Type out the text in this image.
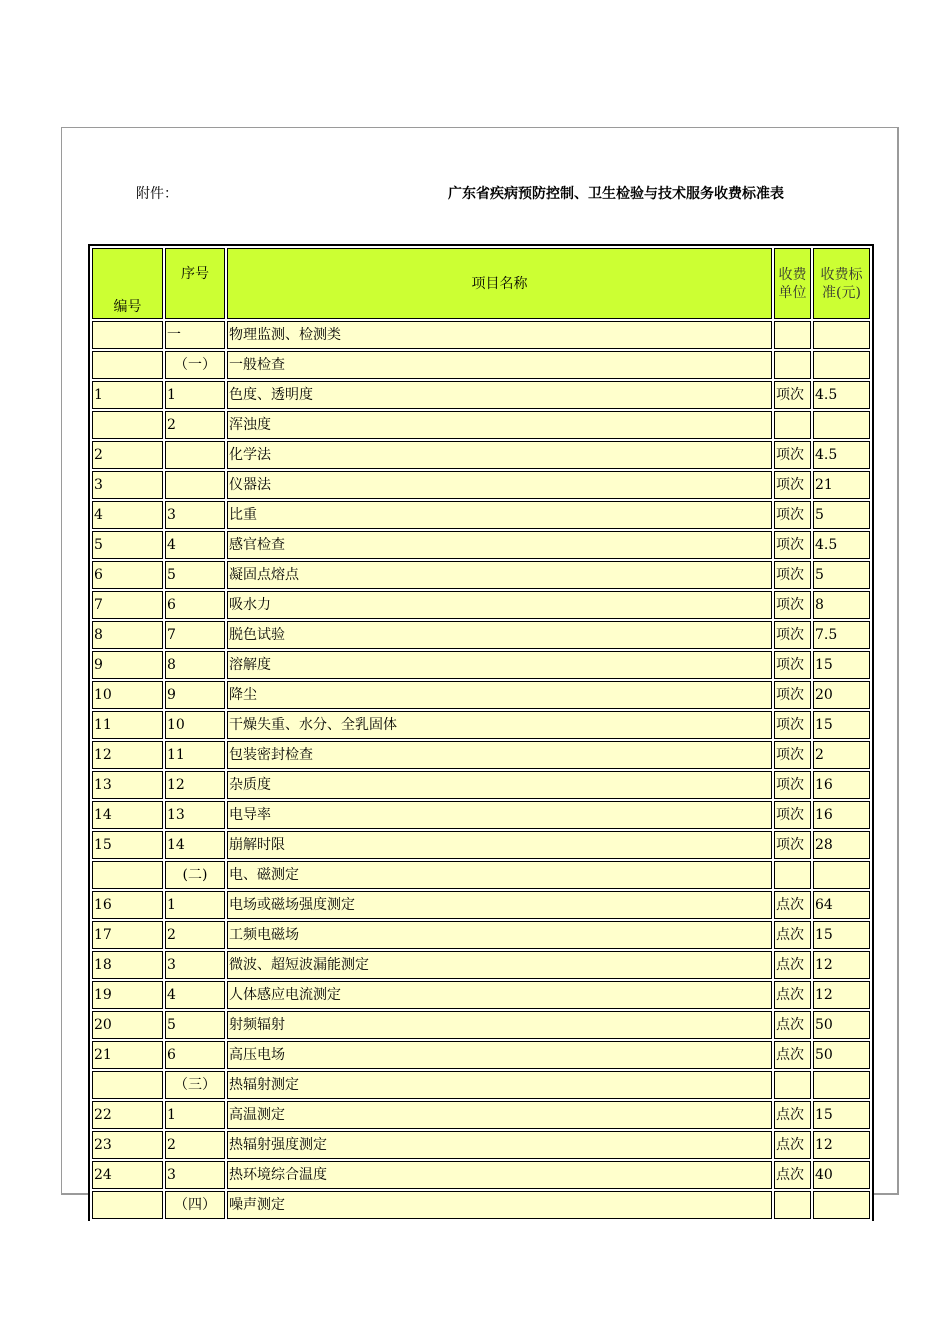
附件：	广东省疾病预防控制、卫生检验与技术服务收费标准表
编号	序号	项目名称	收费单位	收费标准(元)
	一	物理监测、检测类		
	（一）	一般检查		
1	1	色度、透明度	项次	4.5
	2	浑浊度		
2		化学法	项次	4.5
3		仪器法	项次	21
4	3	比重	项次	5
5	4	感官检查	项次	4.5
6	5	凝固点熔点	项次	5
7	6	吸水力	项次	8
8	7	脱色试验	项次	7.5
9	8	溶解度	项次	15
10	9	降尘	项次	20
11	10	干燥失重、水分、全乳固体	项次	15
12	11	包装密封检查	项次	2
13	12	杂质度	项次	16
14	13	电导率	项次	16
15	14	崩解时限	项次	28
	(二)	电、磁测定		
16	1	电场或磁场强度测定	点次	64
17	2	工频电磁场	点次	15
18	3	微波、超短波漏能测定	点次	12
19	4	人体感应电流测定	点次	12
20	5	射频辐射	点次	50
21	6	高压电场	点次	50
	（三）	热辐射测定		
22	1	高温测定	点次	15
23	2	热辐射强度测定	点次	12
24	3	热环境综合温度	点次	40
	（四）	噪声测定		
